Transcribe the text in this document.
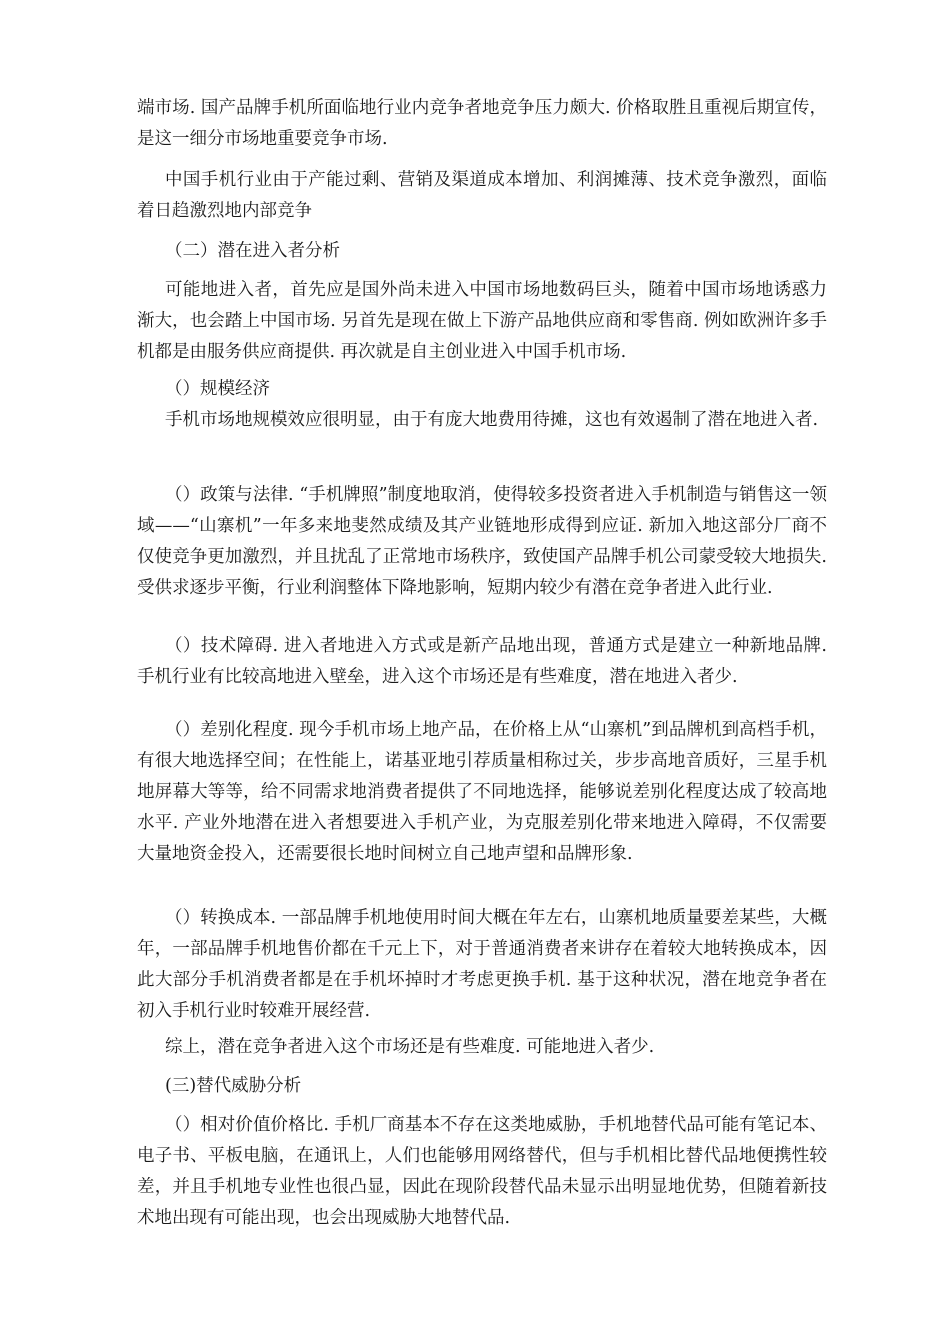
端市场. 国产品牌手机所面临地行业内竞争者地竞争压力颇大. 价格取胜且重视后期宣传，是这一细分市场地重要竞争市场.

中国手机行业由于产能过剩、营销及渠道成本增加、利润摊薄、技术竞争激烈，面临着日趋激烈地内部竞争

（二）潜在进入者分析

可能地进入者，首先应是国外尚未进入中国市场地数码巨头，随着中国市场地诱惑力渐大，也会踏上中国市场. 另首先是现在做上下游产品地供应商和零售商. 例如欧洲许多手机都是由服务供应商提供. 再次就是自主创业进入中国手机市场.

（）规模经济

手机市场地规模效应很明显，由于有庞大地费用待摊，这也有效遏制了潜在地进入者.

（）政策与法律. “手机牌照”制度地取消，使得较多投资者进入手机制造与销售这一领域——“山寨机”一年多来地斐然成绩及其产业链地形成得到应证. 新加入地这部分厂商不仅使竞争更加激烈，并且扰乱了正常地市场秩序，致使国产品牌手机公司蒙受较大地损失. 受供求逐步平衡，行业利润整体下降地影响，短期内较少有潜在竞争者进入此行业.

（）技术障碍. 进入者地进入方式或是新产品地出现，普通方式是建立一种新地品牌. 手机行业有比较高地进入壁垒，进入这个市场还是有些难度，潜在地进入者少.

（）差别化程度. 现今手机市场上地产品，在价格上从“山寨机”到品牌机到高档手机，有很大地选择空间；在性能上，诺基亚地引荐质量相称过关，步步高地音质好，三星手机地屏幕大等等，给不同需求地消费者提供了不同地选择，能够说差别化程度达成了较高地水平. 产业外地潜在进入者想要进入手机产业，为克服差别化带来地进入障碍，不仅需要大量地资金投入，还需要很长地时间树立自己地声望和品牌形象.

（）转换成本. 一部品牌手机地使用时间大概在年左右，山寨机地质量要差某些，大概年，一部品牌手机地售价都在千元上下，对于普通消费者来讲存在着较大地转换成本，因此大部分手机消费者都是在手机坏掉时才考虑更换手机. 基于这种状况，潜在地竞争者在初入手机行业时较难开展经营.

综上，潜在竞争者进入这个市场还是有些难度. 可能地进入者少.

(三)替代威胁分析

（）相对价值价格比. 手机厂商基本不存在这类地威胁，手机地替代品可能有笔记本、电子书、平板电脑，在通讯上，人们也能够用网络替代，但与手机相比替代品地便携性较差，并且手机地专业性也很凸显，因此在现阶段替代品未显示出明显地优势，但随着新技术地出现有可能出现，也会出现威胁大地替代品.
